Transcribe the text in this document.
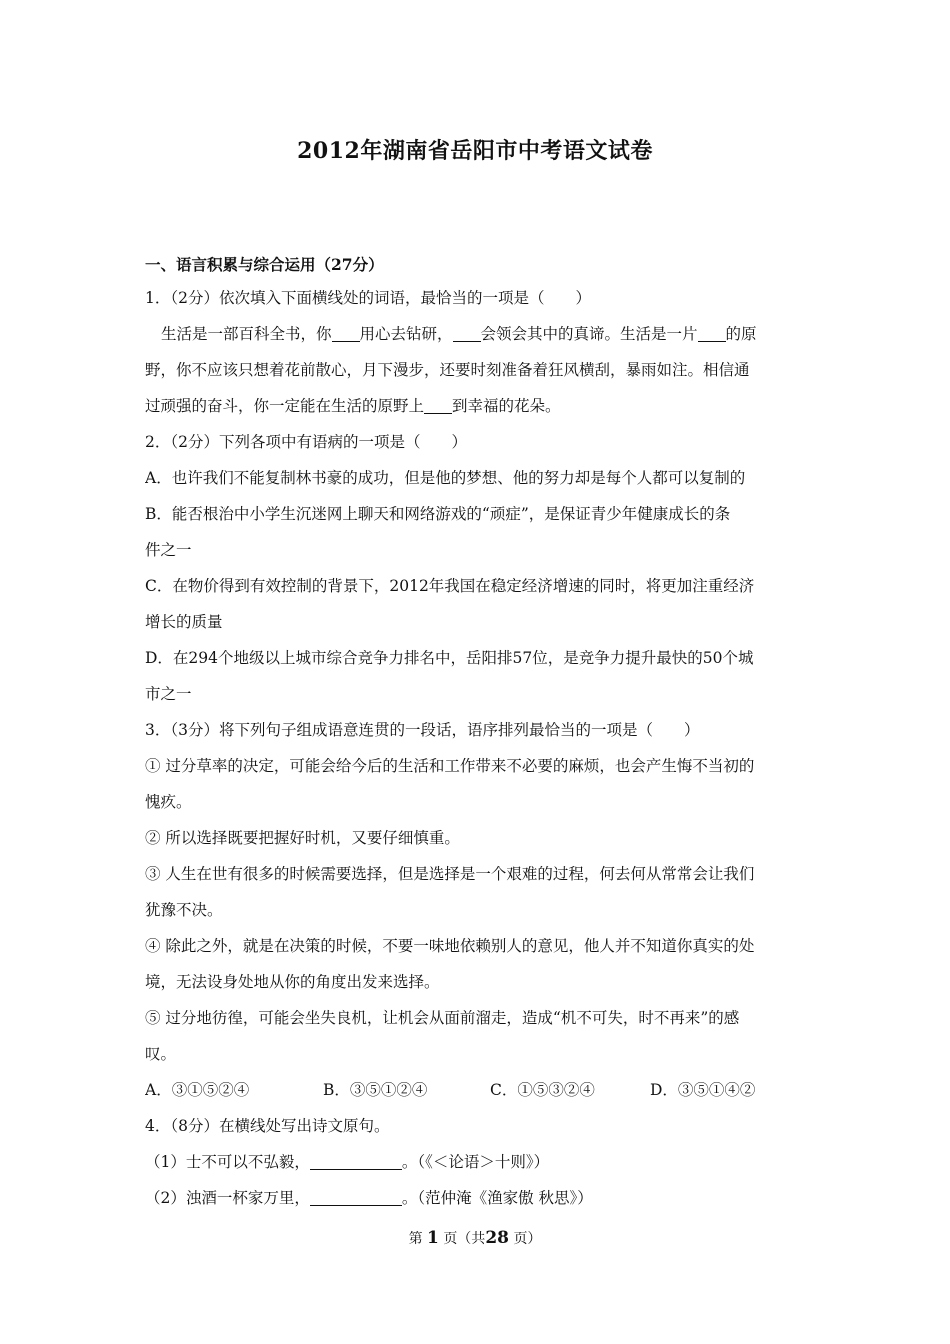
2012年湖南省岳阳市中考语文试卷
一、语言积累与综合运用（27分）
1．（2分）依次填入下面横线处的词语，最恰当的一项是（　　）
生活是一部百科全书，你 用心去钻研， 会领会其中的真谛。生活是一片 的原
野，你不应该只想着花前散心，月下漫步，还要时刻准备着狂风横刮，暴雨如注。相信通
过顽强的奋斗，你一定能在生活的原野上 到幸福的花朵。
2．（2分）下列各项中有语病的一项是（　　）
A．也许我们不能复制林书豪的成功，但是他的梦想、他的努力却是每个人都可以复制的
B．能否根治中小学生沉迷网上聊天和网络游戏的“顽症”，是保证青少年健康成长的条
件之一
C．在物价得到有效控制的背景下，2012年我国在稳定经济增速的同时，将更加注重经济
增长的质量
D．在294个地级以上城市综合竞争力排名中，岳阳排57位，是竞争力提升最快的50个城
市之一
3．（3分）将下列句子组成语意连贯的一段话，语序排列最恰当的一项是（　　）
① 过分草率的决定，可能会给今后的生活和工作带来不必要的麻烦，也会产生悔不当初的
愧疚。
② 所以选择既要把握好时机，又要仔细慎重。
③ 人生在世有很多的时候需要选择，但是选择是一个艰难的过程，何去何从常常会让我们
犹豫不决。
④ 除此之外，就是在决策的时候，不要一味地依赖别人的意见，他人并不知道你真实的处
境，无法设身处地从你的角度出发来选择。
⑤ 过分地彷徨，可能会坐失良机，让机会从面前溜走，造成“机不可失，时不再来”的感
叹。
A．③①⑤②④	B．③⑤①②④	C．①⑤③②④	D．③⑤①④②
4．（8分）在横线处写出诗文原句。
（1）士不可以不弘毅，	。（《＜论语＞十则》）
（2）浊酒一杯家万里，	。（范仲淹《渔家傲 秋思》）
第 1 页（共28 页）
